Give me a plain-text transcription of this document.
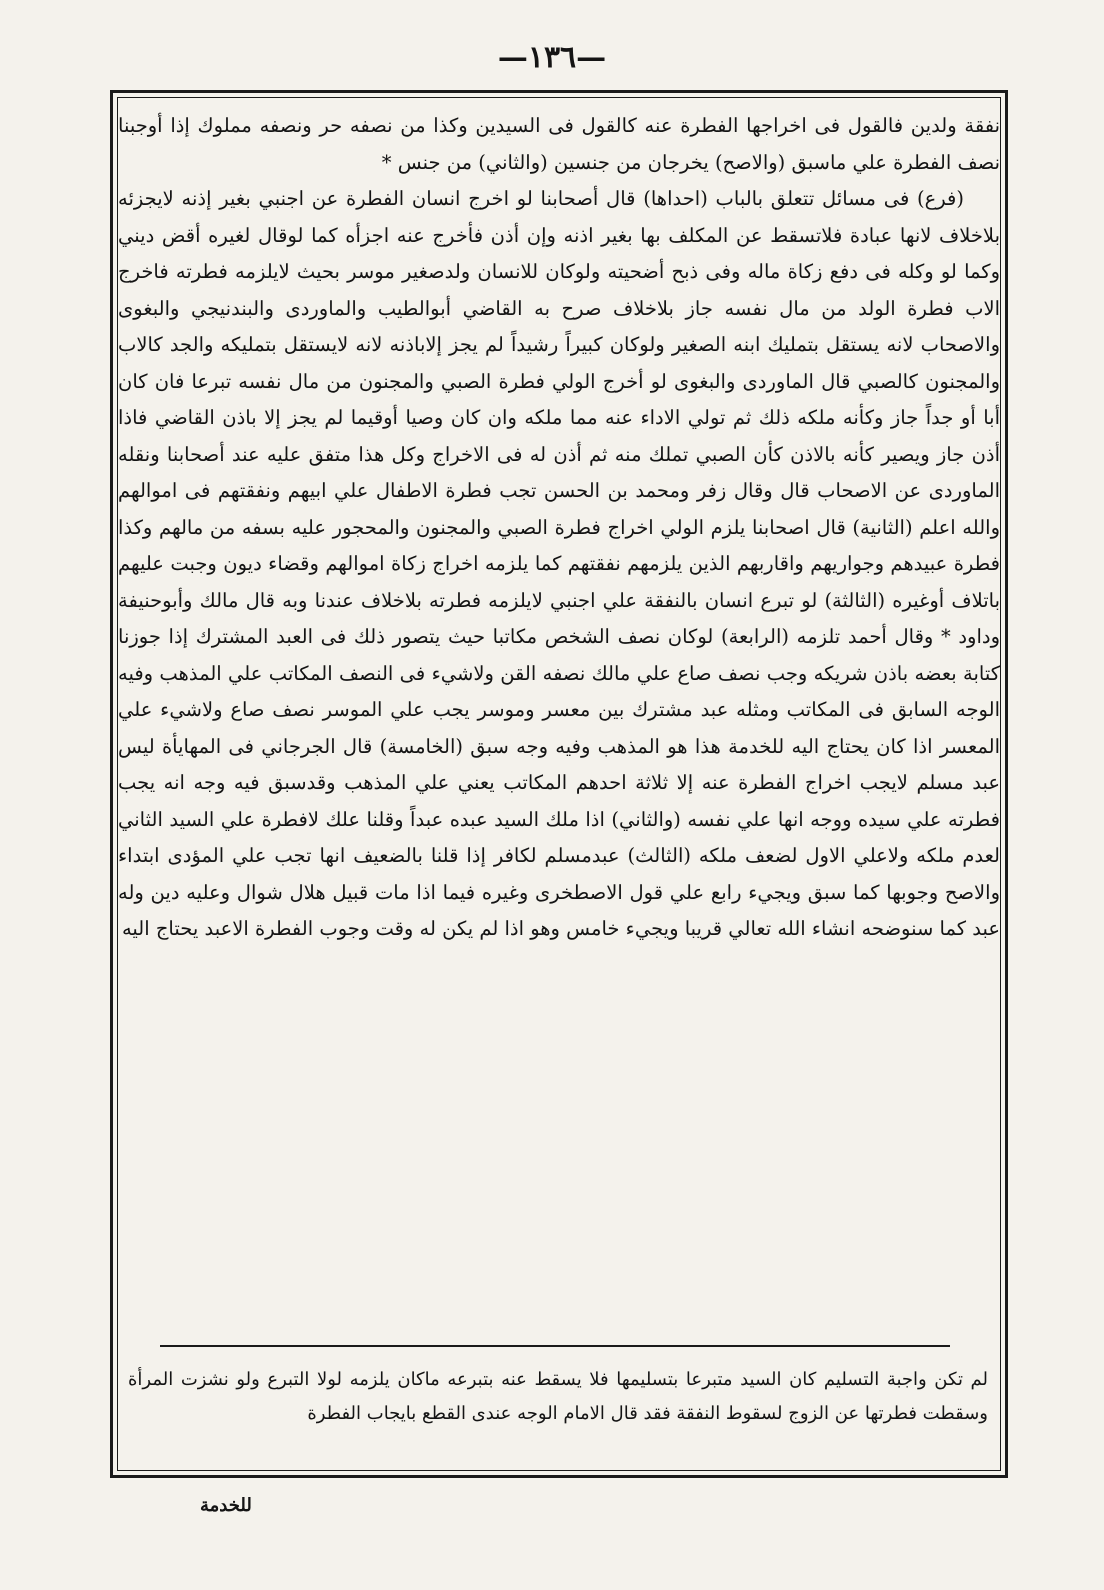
—١٣٦—

نفقة ولدين فالقول فى اخراجها الفطرة عنه كالقول فى السيدين وكذا من نصفه حر ونصفه مملوك إذا أوجبنا نصف الفطرة علي ماسبق (والاصح) يخرجان من جنسين (والثاني) من جنس *

(فرع) فى مسائل تتعلق بالباب (احداها) قال أصحابنا لو اخرج انسان الفطرة عن اجنبي بغير إذنه لايجزئه بلاخلاف لانها عبادة فلاتسقط عن المكلف بها بغير اذنه وإن أذن فأخرج عنه اجزأه كما لوقال لغيره أقض ديني وكما لو وكله فى دفع زكاة ماله وفى ذبح أضحيته ولوكان للانسان ولدصغير موسر بحيث لايلزمه فطرته فاخرج الاب فطرة الولد من مال نفسه جاز بلاخلاف صرح به القاضي أبوالطيب والماوردى والبندنيجي والبغوى والاصحاب لانه يستقل بتمليك ابنه الصغير ولوكان كبيراً رشيداً لم يجز إلاباذنه لانه لايستقل بتمليكه والجد كالاب والمجنون كالصبي قال الماوردى والبغوى لو أخرج الولي فطرة الصبي والمجنون من مال نفسه تبرعا فان كان أبا أو جداً جاز وكأنه ملكه ذلك ثم تولي الاداء عنه مما ملكه وان كان وصيا أوقيما لم يجز إلا باذن القاضي فاذا أذن جاز ويصير كأنه بالاذن كأن الصبي تملك منه ثم أذن له فى الاخراج وكل هذا متفق عليه عند أصحابنا ونقله الماوردى عن الاصحاب قال وقال زفر ومحمد بن الحسن تجب فطرة الاطفال علي ابيهم ونفقتهم فى اموالهم والله اعلم (الثانية) قال اصحابنا يلزم الولي اخراج فطرة الصبي والمجنون والمحجور عليه بسفه من مالهم وكذا فطرة عبيدهم وجواريهم واقاربهم الذين يلزمهم نفقتهم كما يلزمه اخراج زكاة اموالهم وقضاء ديون وجبت عليهم باتلاف أوغيره (الثالثة) لو تبرع انسان بالنفقة علي اجنبي لايلزمه فطرته بلاخلاف عندنا وبه قال مالك وأبوحنيفة وداود * وقال أحمد تلزمه (الرابعة) لوكان نصف الشخص مكاتبا حيث يتصور ذلك فى العبد المشترك إذا جوزنا كتابة بعضه باذن شريكه وجب نصف صاع علي مالك نصفه القن ولاشيء فى النصف المكاتب علي المذهب وفيه الوجه السابق فى المكاتب ومثله عبد مشترك بين معسر وموسر يجب علي الموسر نصف صاع ولاشيء علي المعسر اذا كان يحتاج اليه للخدمة هذا هو المذهب وفيه وجه سبق (الخامسة) قال الجرجاني فى المهايأة ليس عبد مسلم لايجب اخراج الفطرة عنه إلا ثلاثة احدهم المكاتب يعني علي المذهب وقدسبق فيه وجه انه يجب فطرته علي سيده ووجه انها علي نفسه (والثاني) اذا ملك السيد عبده عبداً وقلنا علك لافطرة علي السيد الثاني لعدم ملكه ولاعلي الاول لضعف ملكه (الثالث) عبدمسلم لكافر إذا قلنا بالضعيف انها تجب علي المؤدى ابتداء والاصح وجوبها كما سبق ويجيء رابع علي قول الاصطخرى وغيره فيما اذا مات قبيل هلال شوال وعليه دين وله عبد كما سنوضحه انشاء الله تعالي قريبا ويجيء خامس وهو اذا لم يكن له وقت وجوب الفطرة الاعبد يحتاج اليه

لم تكن واجبة التسليم كان السيد متبرعا بتسليمها فلا يسقط عنه بتبرعه ماكان يلزمه لولا التبرع ولو نشزت المرأة وسقطت فطرتها عن الزوج لسقوط النفقة فقد قال الامام الوجه عندى القطع بايجاب الفطرة
للخدمة
